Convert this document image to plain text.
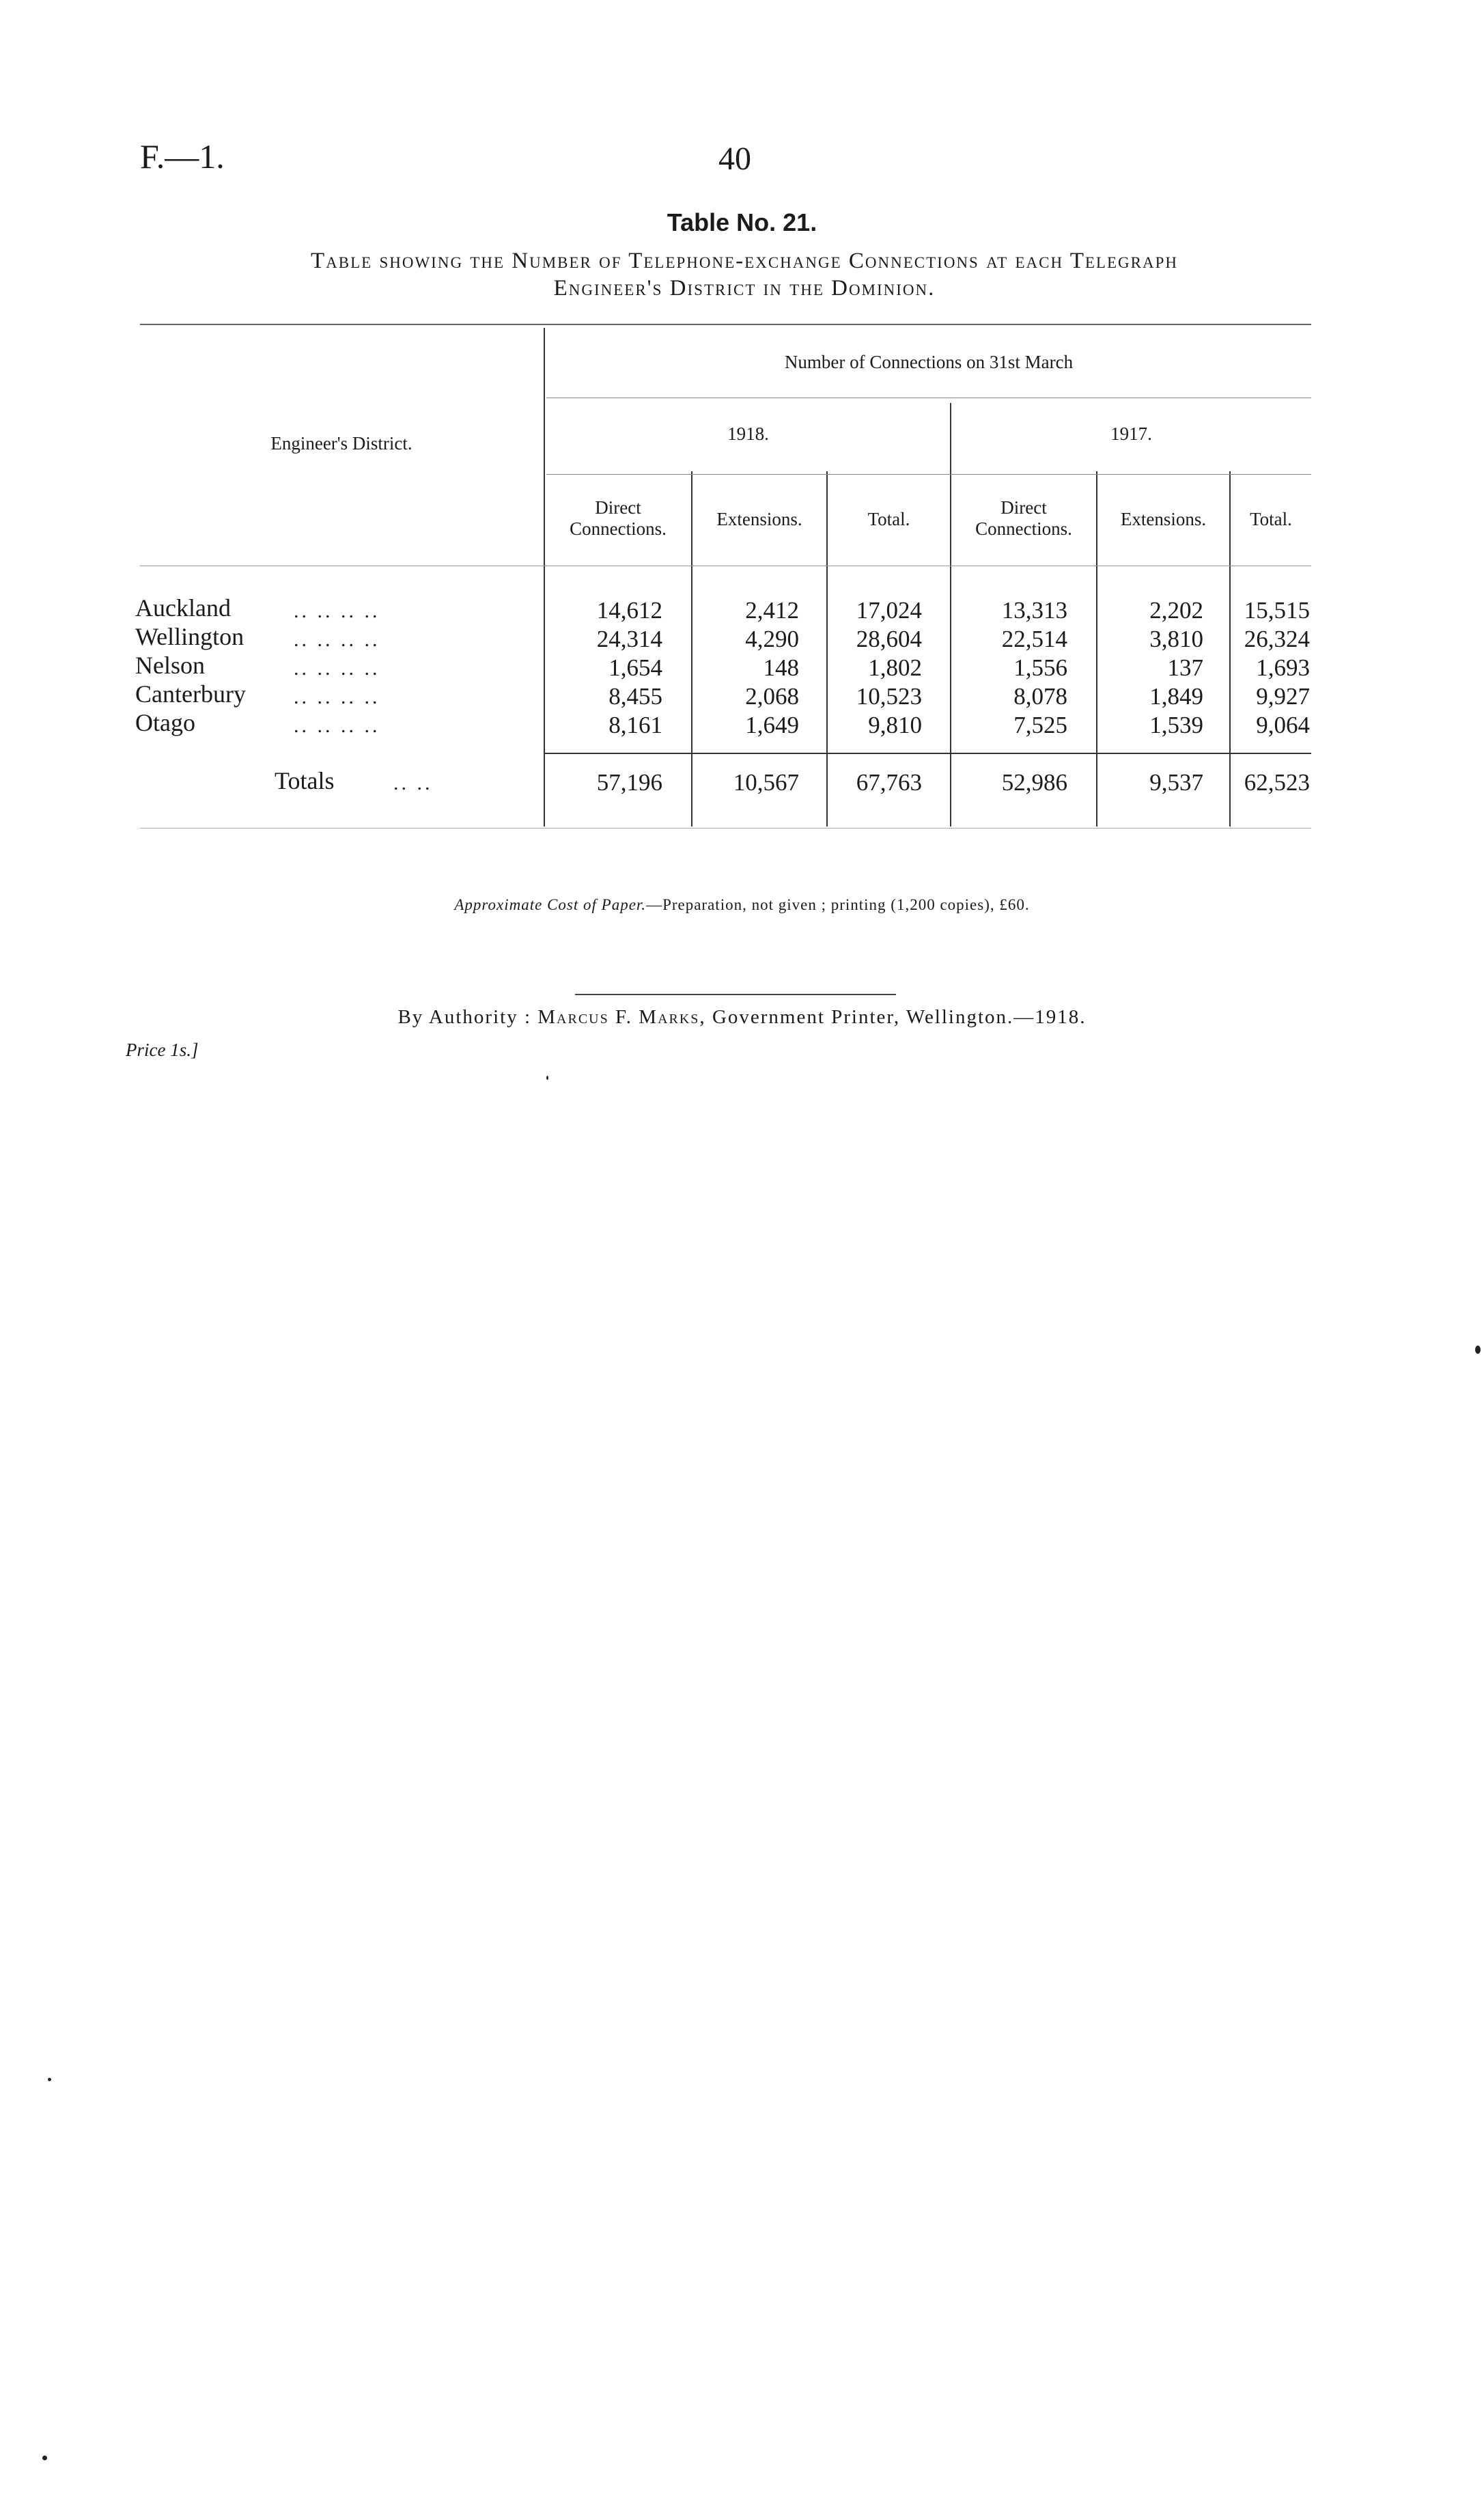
F.—1.	40
Table No. 21.
Table showing the Number of Telephone-exchange Connections at each Telegraph
Engineer's District in the Dominion.
Engineer's District.
Number of Connections on 31st March
1918.	1917.
Direct
Connections.	Extensions.	Total.
Direct
Connections.	Extensions.	Total.
Auckland	.. .. .. ..	14,612	2,412	17,024	13,313	2,202	15,515
Wellington .. .. .. ..	24,314	4,290	28,604	22,514	3,810	26,324
Nelson	.. .. .. ..	1,654	148	1,802	1,556	137	1,693
Canterbury .. .. .. ..	8,455	2,068	10,523	8,078	1,849	9,927
Otago	.. .. .. ..	8,161	1,649	9,810	7,525	1,539	9,064
Totals	.. ..	57,196	10,567	67,763	52,986	9,537	62,523
Approximate Cost of Paper.—Preparation, not given ; printing (1,200 copies), £60.
By Authority : Marcus F. Marks, Government Printer, Wellington.—1918.
Price 1s.]
